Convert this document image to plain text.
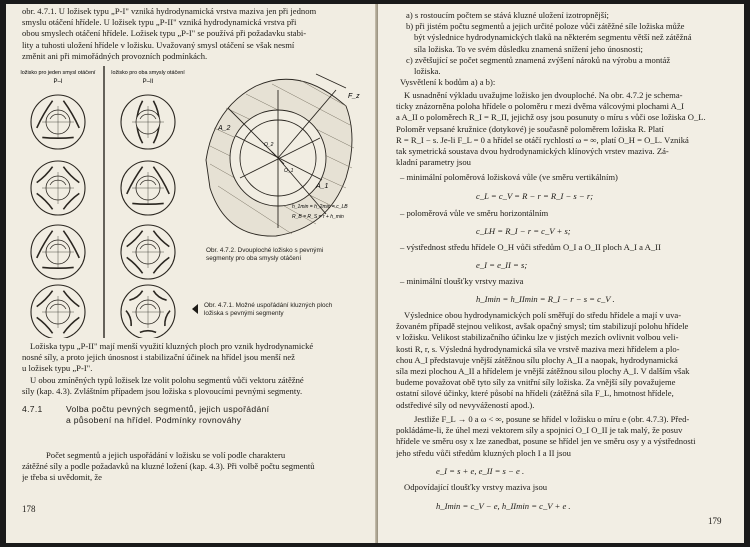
obr. 4.7.1. U ložisek typu „P-I" vzniká hydrodynamická vrstva maziva jen při jednom
smyslu otáčení hřídele. U ložisek typu „P-II" vzniká hydrodynamická vrstva při
obou smyslech otáčení hřídele. Ložisek typu „P-I" se používá při požadavku stabi-
lity a tuhosti uložení hřídele v ložisku. Uvažovaný smysl otáčení se však nesmí
změnit ani při mimořádných provozních podmínkách.
ložisko pro jeden smysl otáčení
P–I
ložisko pro oba smysly otáčení
P–II
F_z
A_2
A_1
O_2
O_1
h_1min = h_2min = c_LB
R_B = R_S = r + h_min
Obr. 4.7.2. Dvouploché ložisko s pevnými
segmenty pro oba smysly otáčení
Obr. 4.7.1. Možné uspořádání kluzných ploch
ložiska s pevnými segmenty
Ložiska typu „P-II" mají menší využití kluzných ploch pro vznik hydrodynamické
nosné síly, a proto jejich únosnost i stabilizační účinek na hřídel jsou menší než
u ložisek typu „P-I".
U obou zmíněných typů ložisek lze volit polohu segmentů vůči vektoru zátěžné
síly (kap. 4.3). Zvláštním případem jsou ložiska s plovoucími pevnými segmenty.
4.7.1	Volba počtu pevných segmentů, jejich uspořádání
a působení na hřídel. Podmínky rovnováhy
Počet segmentů a jejich uspořádání v ložisku se volí podle charakteru
zátěžné síly a podle požadavků na kluzné ložení (kap. 4.3). Při volbě počtu segmentů
je třeba si uvědomit, že
178
a) s rostoucím počtem se stává kluzné uložení izotropnější;
b) při jistém počtu segmentů a jejich určité poloze vůči zátěžné síle ložiska může
být výslednice hydrodynamických tlaků na některém segmentu větší než zátěžná
síla ložiska. To ve svém důsledku znamená snížení jeho únosnosti;
c) zvětšující se počet segmentů znamená zvýšení nároků na výrobu a montáž
ložiska.
Vysvětlení k bodům a) a b):
K usnadnění výkladu uvažujme ložisko jen dvouploché. Na obr. 4.7.2 je schema-
ticky znázorněna poloha hřídele o poloměru r mezi dvěma válcovými plochami A_I
a A_II o poloměrech R_I = R_II, jejichž osy jsou posunuty o míru s vůči ose ložiska O_L.
Poloměr vepsané kružnice (dotykové) je současně poloměrem ložiska R. Platí
R = R_I − s. Je-li F_L = 0 a hřídel se otáčí rychlostí ω = ∞, platí O_H = O_L. Vzniká
tak symetrická soustava dvou hydrodynamických klínových vrstev maziva. Zá-
kladní parametry jsou
– minimální poloměrová ložisková vůle (ve směru vertikálním)
c_L = c_V = R − r = R_I − s − r;
– poloměrová vůle ve směru horizontálním
c_LH = R_I − r = c_V + s;
– výstřednost středu hřídele O_H vůči středům O_I a O_II ploch A_I a A_II
e_I = e_II = s;
– minimální tloušťky vrstvy maziva
h_Imin = h_IImin = R_I − r − s = c_V .
Výslednice obou hydrodynamických polí směřují do středu hřídele a mají v uva-
žovaném případě stejnou velikost, avšak opačný smysl; tím stabilizují polohu hřídele
v ložisku. Velikost stabilizačního účinku lze v jistých mezích ovlivnit volbou veli-
kosti R, r, s. Výsledná hydrodynamická síla ve vrstvě maziva mezi hřídelem a plo-
chou A_I představuje vnější zátěžnou sílu plochy A_II a naopak, hydrodynamická
síla mezi plochou A_II a hřídelem je vnější zátěžnou silou plochy A_I. V dalším však
budeme považovat obě tyto síly za vnitřní síly ložiska. Za vnější síly považujeme
ostatní silové účinky, které působí na hřídeli (zátěžná síla F_L, hmotnost hřídele,
odstředivé síly od nevyvážeností apod.).
Jestliže F_L → 0 a ω < ∞, posune se hřídel v ložisku o míru e (obr. 4.7.3). Před-
pokládáme-li, že úhel mezi vektorem síly a spojnicí O_I O_II je tak malý, že posuv
hřídele ve směru osy x lze zanedbat, posune se hřídel jen ve směru osy y a výstřednosti
jeho středu vůči středům kluzných ploch I a II jsou
e_I = s + e, e_II = s − e .
Odpovídající tloušťky vrstvy maziva jsou
h_Imin = c_V − e, h_IImin = c_V + e .
179
